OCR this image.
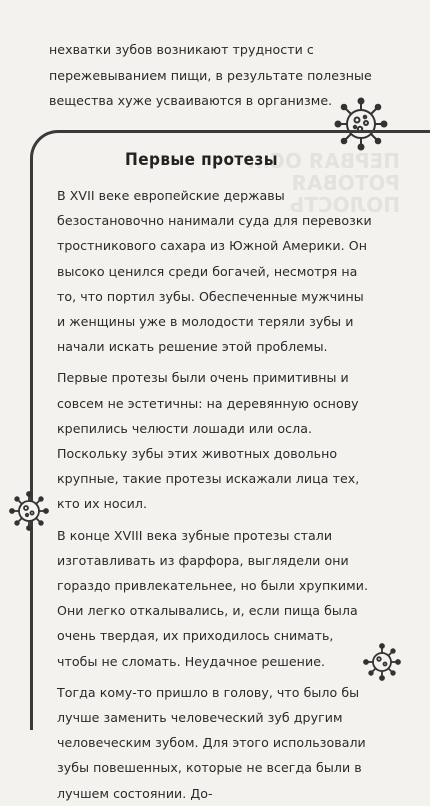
ПЕРВАЯ ОС... РОТОВАЯ ПОЛОСТЬ

нехватки зубов возникают трудности с пережевыванием пищи, в результате полезные вещества хуже усваиваются в организме.

Первые протезы

В XVII веке европейские державы безостановочно нанимали суда для перевозки тростникового сахара из Южной Америки. Он высоко ценился среди богачей, несмотря на то, что портил зубы. Обеспеченные мужчины и женщины уже в молодости теряли зубы и начали искать решение этой проблемы.

Первые протезы были очень примитивны и совсем не эстетичны: на деревянную основу крепились челюсти лошади или осла. Поскольку зубы этих животных довольно крупные, такие протезы искажали лица тех, кто их носил.

В конце XVIII века зубные протезы стали изготавливать из фарфора, выглядели они гораздо привлекательнее, но были хрупкими. Они легко откалывались, и, если пища была очень твердая, их приходилось снимать, чтобы не сломать. Неудачное решение.

Тогда кому-то пришло в голову, что было бы лучше заменить человеческий зуб другим человеческим зубом. Для этого использовали зубы повешенных, которые не всегда были в лучшем состоянии. До-
